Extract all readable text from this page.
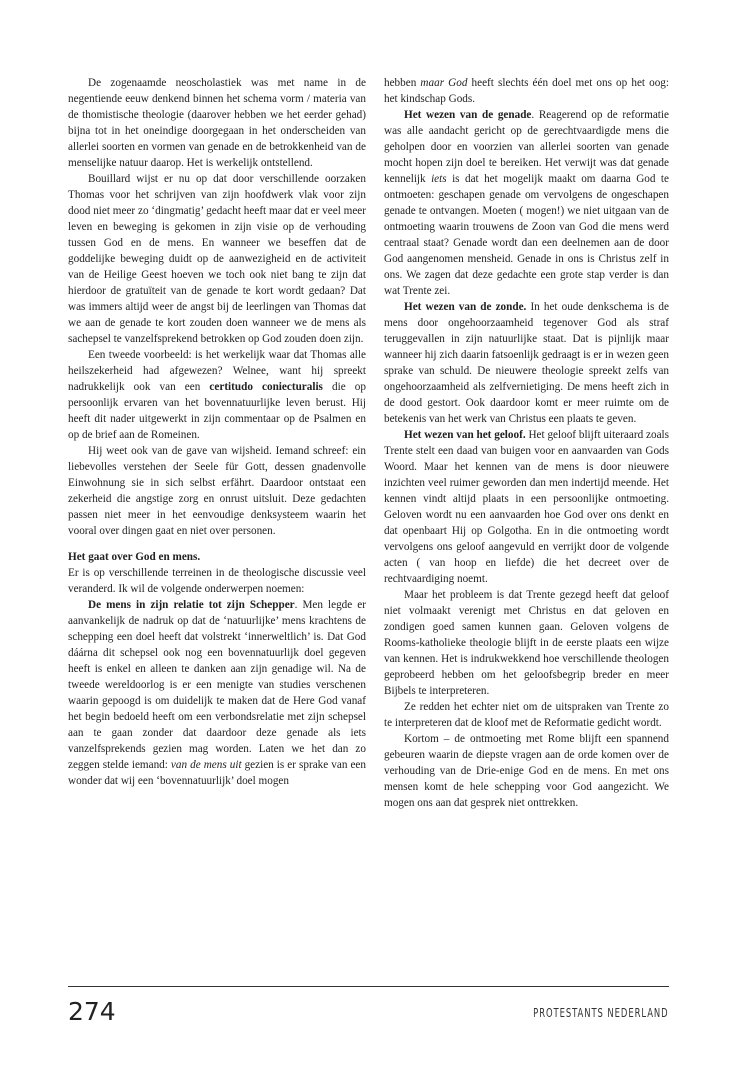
De zogenaamde neoscholastiek was met name in de negentiende eeuw denkend binnen het schema vorm / materia van de thomistische theologie (daarover hebben we het eerder gehad) bijna tot in het oneindige doorgegaan in het onderscheiden van allerlei soorten en vormen van genade en de betrokkenheid van de menselijke natuur daarop. Het is werkelijk ontstellend.

Bouillard wijst er nu op dat door verschillende oorzaken Thomas voor het schrijven van zijn hoofdwerk vlak voor zijn dood niet meer zo ‘dingmatig’ gedacht heeft maar dat er veel meer leven en beweging is gekomen in zijn visie op de verhouding tussen God en de mens. En wanneer we beseffen dat de goddelijke beweging duidt op de aanwezigheid en de activiteit van de Heilige Geest hoeven we toch ook niet bang te zijn dat hierdoor de gratuïteit van de genade te kort wordt gedaan? Dat was immers altijd weer de angst bij de leerlingen van Thomas dat we aan de genade te kort zouden doen wanneer we de mens als sachepsel te vanzelfsprekend betrokken op God zouden doen zijn.

Een tweede voorbeeld: is het werkelijk waar dat Thomas alle heilszekerheid had afgewezen? Welnee, want hij spreekt nadrukkelijk ook van een certitudo coniecturalis die op persoonlijk ervaren van het bovennatuurlijke leven berust. Hij heeft dit nader uitgewerkt in zijn commentaar op de Psalmen en op de brief aan de Romeinen.

Hij weet ook van de gave van wijsheid. Iemand schreef: ein liebevolles verstehen der Seele für Gott, dessen gnadenvolle Einwohnung sie in sich selbst erfährt. Daardoor ontstaat een zekerheid die angstige zorg en onrust uitsluit. Deze gedachten passen niet meer in het eenvoudige denksysteem waarin het vooral over dingen gaat en niet over personen.

Het gaat over God en mens.

Er is op verschillende terreinen in de theologische discussie veel veranderd. Ik wil de volgende onderwerpen noemen:

De mens in zijn relatie tot zijn Schepper. Men legde er aanvankelijk de nadruk op dat de ‘natuurlijke’ mens krachtens de schepping een doel heeft dat volstrekt ‘innerweltlich’ is. Dat God dáárna dit schepsel ook nog een bovennatuurlijk doel gegeven heeft is enkel en alleen te danken aan zijn genadige wil. Na de tweede wereldoorlog is er een menigte van studies verschenen waarin gepoogd is om duidelijk te maken dat de Here God vanaf het begin bedoeld heeft om een verbondsrelatie met zijn schepsel aan te gaan zonder dat daardoor deze genade als iets vanzelfsprekends gezien mag worden. Laten we het dan zo zeggen stelde iemand: van de mens uit gezien is er sprake van een wonder dat wij een ‘bovennatuurlijk’ doel mogen

hebben maar God heeft slechts één doel met ons op het oog: het kindschap Gods.

Het wezen van de genade. Reagerend op de reformatie was alle aandacht gericht op de gerechtvaardigde mens die geholpen door en voorzien van allerlei soorten van genade mocht hopen zijn doel te bereiken. Het verwijt was dat genade kennelijk iets is dat het mogelijk maakt om daarna God te ontmoeten: geschapen genade om vervolgens de ongeschapen genade te ontvangen. Moeten ( mogen!) we niet uitgaan van de ontmoeting waarin trouwens de Zoon van God die mens werd centraal staat? Genade wordt dan een deelnemen aan de door God aangenomen mensheid. Genade in ons is Christus zelf in ons. We zagen dat deze gedachte een grote stap verder is dan wat Trente zei.

Het wezen van de zonde. In het oude denkschema is de mens door ongehoorzaamheid tegenover God als straf teruggevallen in zijn natuurlijke staat. Dat is pijnlijk maar wanneer hij zich daarin fatsoenlijk gedraagt is er in wezen geen sprake van schuld. De nieuwere theologie spreekt zelfs van ongehoorzaamheid als zelfvernietiging. De mens heeft zich in de dood gestort. Ook daardoor komt er meer ruimte om de betekenis van het werk van Christus een plaats te geven.

Het wezen van het geloof. Het geloof blijft uiteraard zoals Trente stelt een daad van buigen voor en aanvaarden van Gods Woord. Maar het kennen van de mens is door nieuwere inzichten veel ruimer geworden dan men indertijd meende. Het kennen vindt altijd plaats in een persoonlijke ontmoeting. Geloven wordt nu een aanvaarden hoe God over ons denkt en dat openbaart Hij op Golgotha. En in die ontmoeting wordt vervolgens ons geloof aangevuld en verrijkt door de volgende acten ( van hoop en liefde) die het decreet over de rechtvaardiging noemt.

Maar het probleem is dat Trente gezegd heeft dat geloof niet volmaakt verenigt met Christus en dat geloven en zondigen goed samen kunnen gaan. Geloven volgens de Rooms-katholieke theologie blijft in de eerste plaats een wijze van kennen. Het is indrukwekkend hoe verschillende theologen geprobeerd hebben om het geloofsbegrip breder en meer Bijbels te interpreteren.

Ze redden het echter niet om de uitspraken van Trente zo te interpreteren dat de kloof met de Reformatie gedicht wordt.

Kortom – de ontmoeting met Rome blijft een spannend gebeuren waarin de diepste vragen aan de orde komen over de verhouding van de Drie-enige God en de mens. En met ons mensen komt de hele schepping voor God aangezicht. We mogen ons aan dat gesprek niet onttrekken.

274	PROTESTANTS NEDERLAND
